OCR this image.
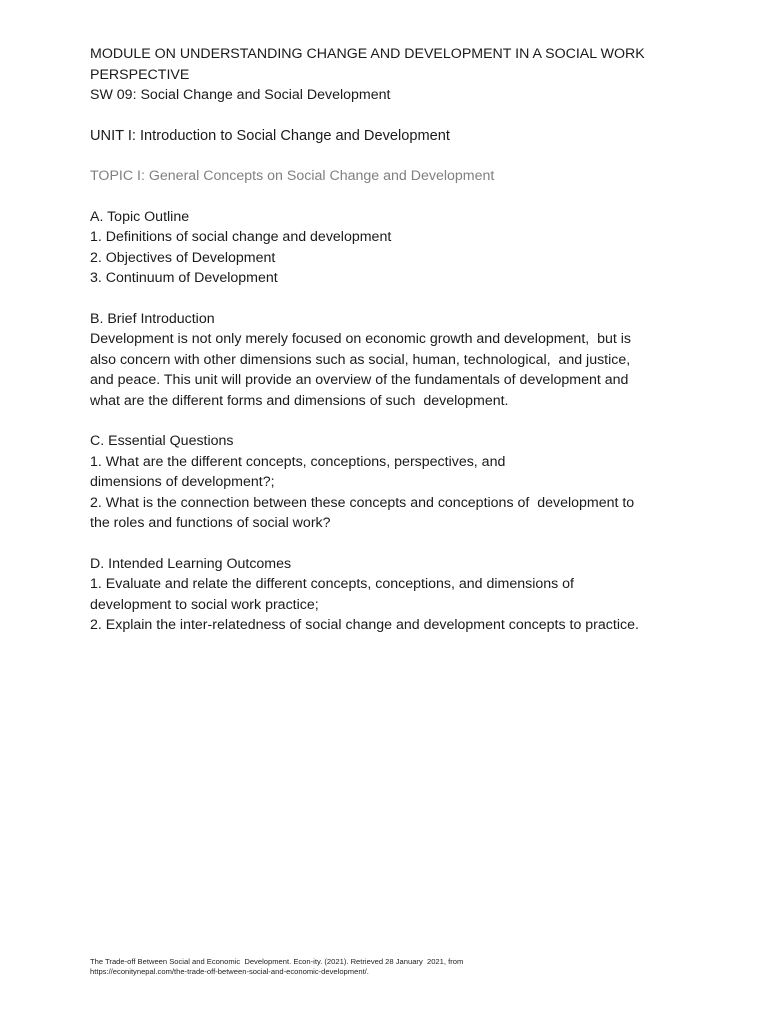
MODULE ON UNDERSTANDING CHANGE AND DEVELOPMENT IN A SOCIAL WORK
PERSPECTIVE
SW 09: Social Change and Social Development
UNIT I: Introduction to Social Change and Development
TOPIC I: General Concepts on Social Change and Development
A. Topic Outline
1. Definitions of social change and development
2. Objectives of Development
3. Continuum of Development
B. Brief Introduction
Development is not only merely focused on economic growth and development,  but is
also concern with other dimensions such as social, human, technological,  and justice,
and peace. This unit will provide an overview of the fundamentals of development and
what are the different forms and dimensions of such  development.
C. Essential Questions
1. What are the different concepts, conceptions, perspectives, and
dimensions of development?;
2. What is the connection between these concepts and conceptions of  development to
the roles and functions of social work?
D. Intended Learning Outcomes
1. Evaluate and relate the different concepts, conceptions, and dimensions of
development to social work practice;
2. Explain the inter-relatedness of social change and development concepts to practice.
The Trade-off Between Social and Economic  Development. Econ-ity. (2021). Retrieved 28 January  2021, from
https://econitynepal.com/the-trade-off-between-social-and-economic-development/.
